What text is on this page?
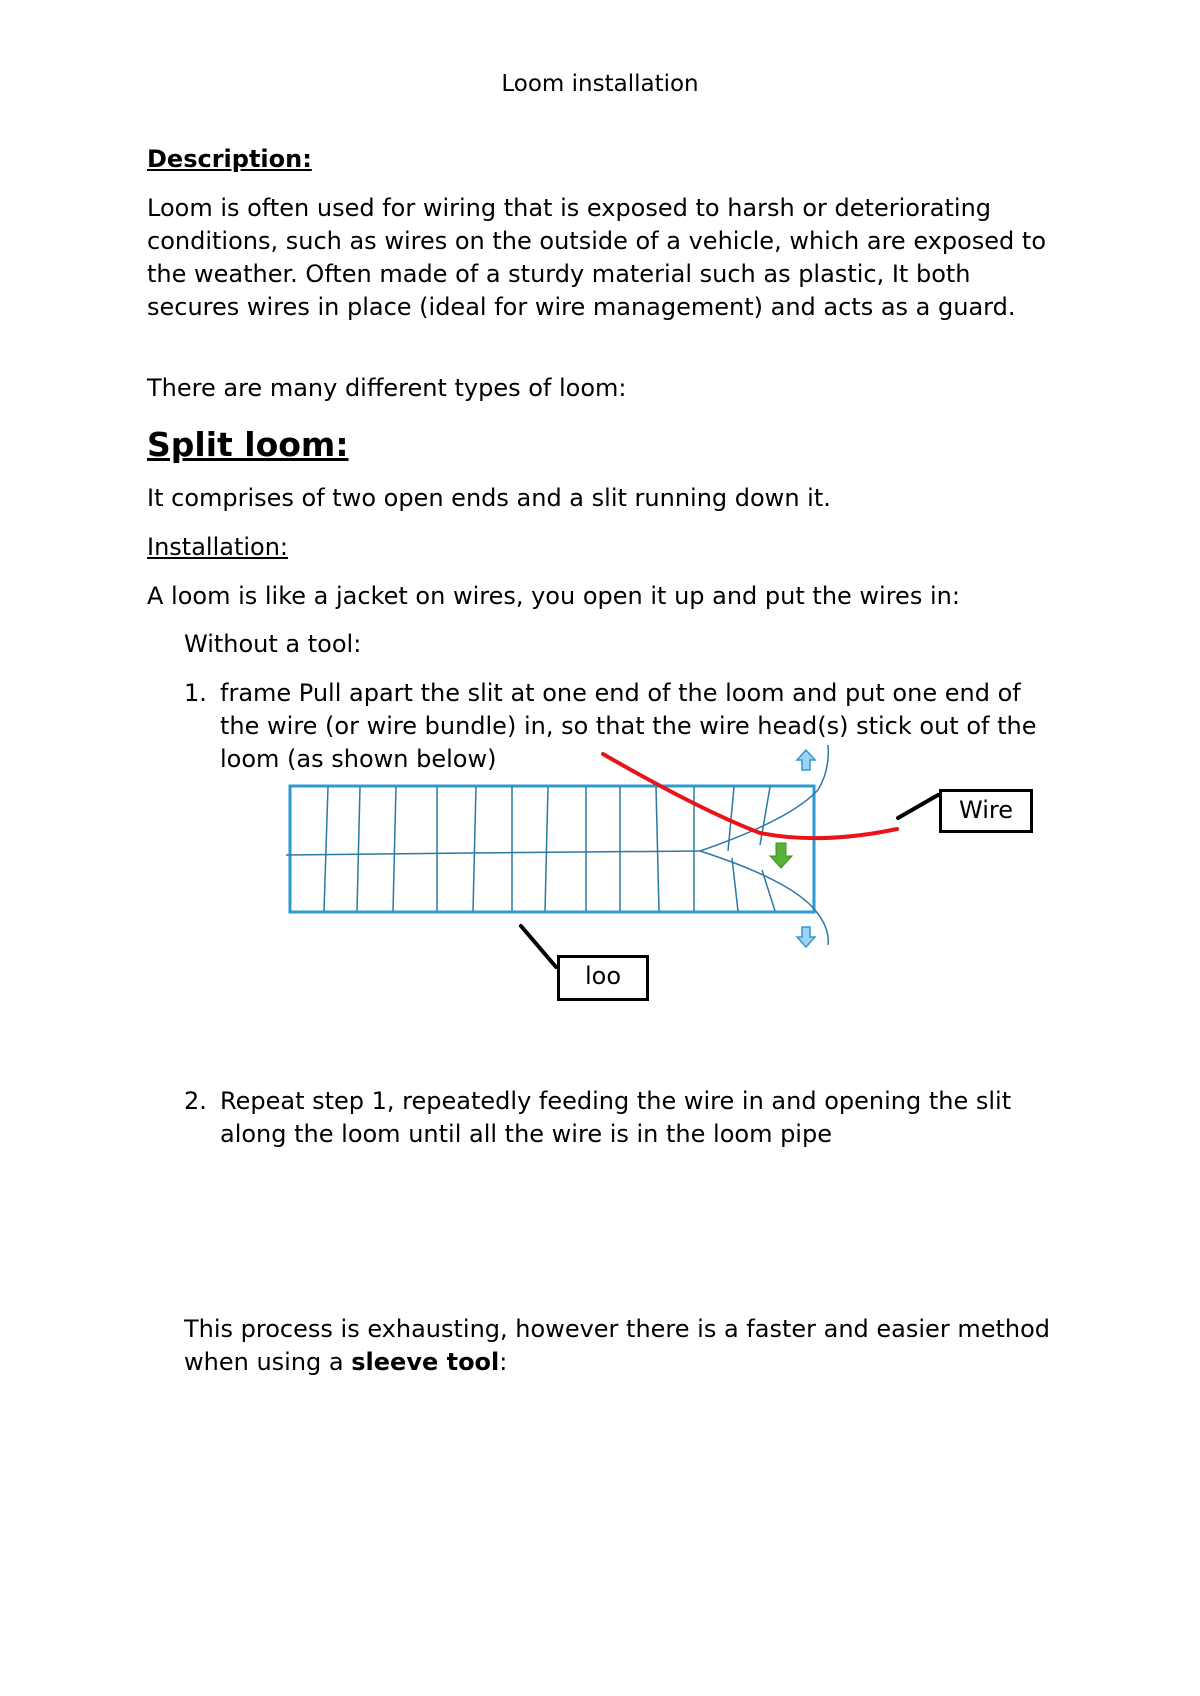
Loom installation
Description:
Loom is often used for wiring that is exposed to harsh or deteriorating
conditions, such as wires on the outside of a vehicle, which are exposed to
the weather. Often made of a sturdy material such as plastic, It both
secures wires in place (ideal for wire management) and acts as a guard.
There are many different types of loom:
Split loom:
It comprises of two open ends and a slit running down it.
Installation:
A loom is like a jacket on wires, you open it up and put the wires in:
Without a tool:
1. frame Pull apart the slit at one end of the loom and put one end of
the wire (or wire bundle) in, so that the wire head(s) stick out of the
loom (as shown below)
Wire
loo
2. Repeat step 1, repeatedly feeding the wire in and opening the slit
along the loom until all the wire is in the loom pipe
This process is exhausting, however there is a faster and easier method
when using a sleeve tool:
